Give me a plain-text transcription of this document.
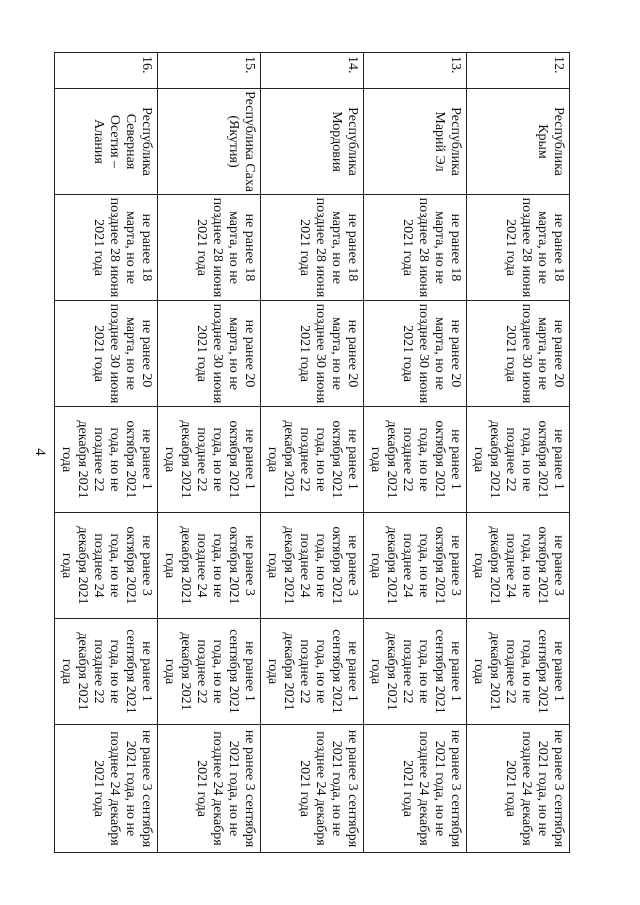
4
12.	Республика Крым	не ранее 18 марта, но не позднее 28 июня 2021 года	не ранее 20 марта, но не позднее 30 июня 2021 года	не ранее 1 октября 2021 года, но не позднее 22 декабря 2021 года	не ранее 3 октября 2021 года, но не позднее 24 декабря 2021 года	не ранее 1 сентября 2021 года, но не позднее 22 декабря 2021 года	не ранее 3 сентября 2021 года, но не позднее 24 декабря 2021 года
13.	Республика Марий Эл	не ранее 18 марта, но не позднее 28 июня 2021 года	не ранее 20 марта, но не позднее 30 июня 2021 года	не ранее 1 октября 2021 года, но не позднее 22 декабря 2021 года	не ранее 3 октября 2021 года, но не позднее 24 декабря 2021 года	не ранее 1 сентября 2021 года, но не позднее 22 декабря 2021 года	не ранее 3 сентября 2021 года, но не позднее 24 декабря 2021 года
14.	Республика Мордовия	не ранее 18 марта, но не позднее 28 июня 2021 года	не ранее 20 марта, но не позднее 30 июня 2021 года	не ранее 1 октября 2021 года, но не позднее 22 декабря 2021 года	не ранее 3 октября 2021 года, но не позднее 24 декабря 2021 года	не ранее 1 сентября 2021 года, но не позднее 22 декабря 2021 года	не ранее 3 сентября 2021 года, но не позднее 24 декабря 2021 года
15.	Республика Саха (Якутия)	не ранее 18 марта, но не позднее 28 июня 2021 года	не ранее 20 марта, но не позднее 30 июня 2021 года	не ранее 1 октября 2021 года, но не позднее 22 декабря 2021 года	не ранее 3 октября 2021 года, но не позднее 24 декабря 2021 года	не ранее 1 сентября 2021 года, но не позднее 22 декабря 2021 года	не ранее 3 сентября 2021 года, но не позднее 24 декабря 2021 года
16.	Республика Северная Осетия – Алания	не ранее 18 марта, но не позднее 28 июня 2021 года	не ранее 20 марта, но не позднее 30 июня 2021 года	не ранее 1 октября 2021 года, но не позднее 22 декабря 2021 года	не ранее 3 октября 2021 года, но не позднее 24 декабря 2021 года	не ранее 1 сентября 2021 года, но не позднее 22 декабря 2021 года	не ранее 3 сентября 2021 года, но не позднее 24 декабря 2021 года
